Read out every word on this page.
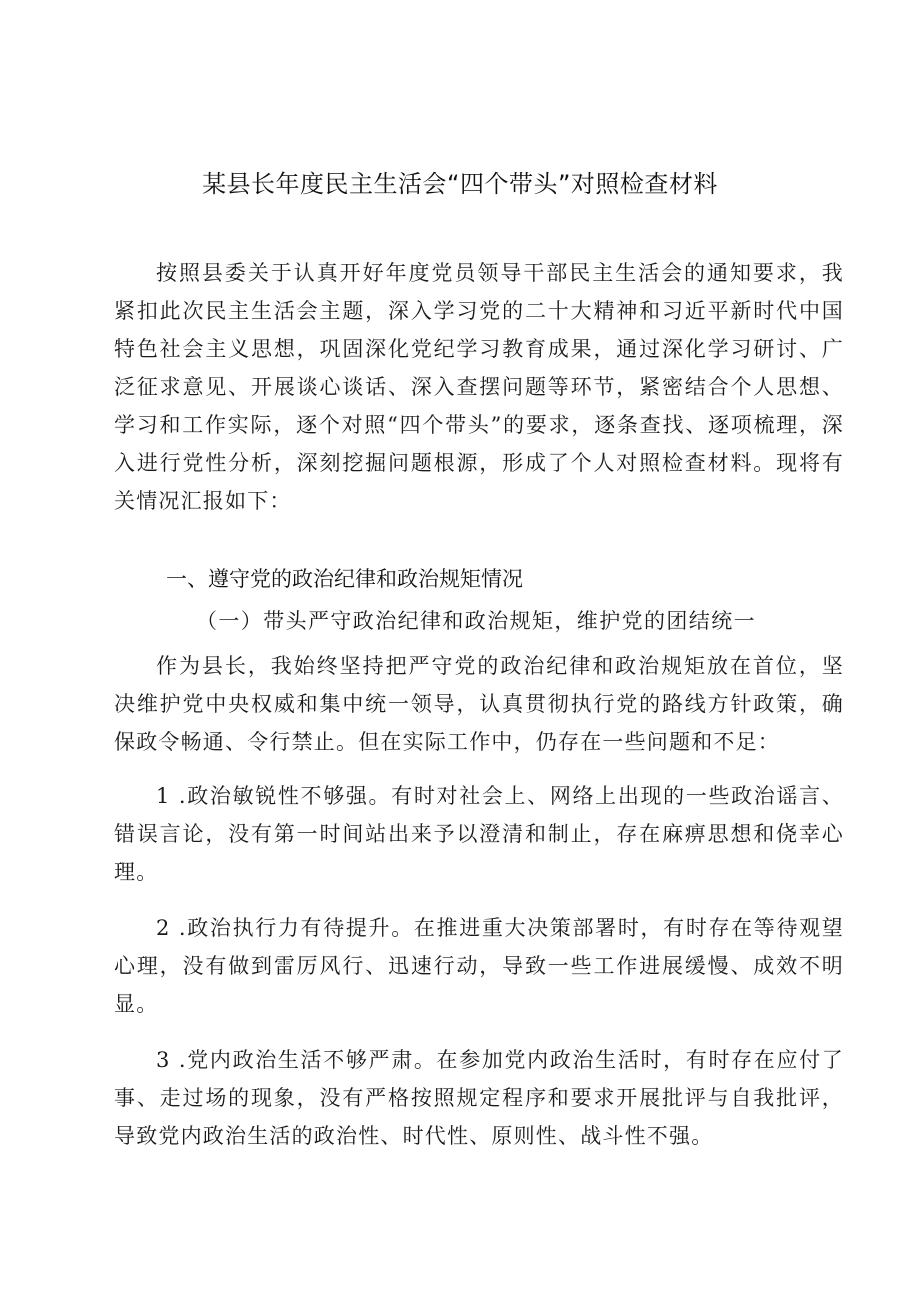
某县长年度民主生活会“四个带头”对照检查材料

按照县委关于认真开好年度党员领导干部民主生活会的通知要求，我紧扣此次民主生活会主题，深入学习党的二十大精神和习近平新时代中国特色社会主义思想，巩固深化党纪学习教育成果，通过深化学习研讨、广泛征求意见、开展谈心谈话、深入查摆问题等环节，紧密结合个人思想、学习和工作实际，逐个对照“四个带头”的要求，逐条查找、逐项梳理，深入进行党性分析，深刻挖掘问题根源，形成了个人对照检查材料。现将有关情况汇报如下：

一、遵守党的政治纪律和政治规矩情况
（一）带头严守政治纪律和政治规矩，维护党的团结统一

作为县长，我始终坚持把严守党的政治纪律和政治规矩放在首位，坚决维护党中央权威和集中统一领导，认真贯彻执行党的路线方针政策，确保政令畅通、令行禁止。但在实际工作中，仍存在一些问题和不足：

1 .政治敏锐性不够强。有时对社会上、网络上出现的一些政治谣言、错误言论，没有第一时间站出来予以澄清和制止，存在麻痹思想和侥幸心理。

2 .政治执行力有待提升。在推进重大决策部署时，有时存在等待观望心理，没有做到雷厉风行、迅速行动，导致一些工作进展缓慢、成效不明显。

3 .党内政治生活不够严肃。在参加党内政治生活时，有时存在应付了事、走过场的现象，没有严格按照规定程序和要求开展批评与自我批评，导致党内政治生活的政治性、时代性、原则性、战斗性不强。
